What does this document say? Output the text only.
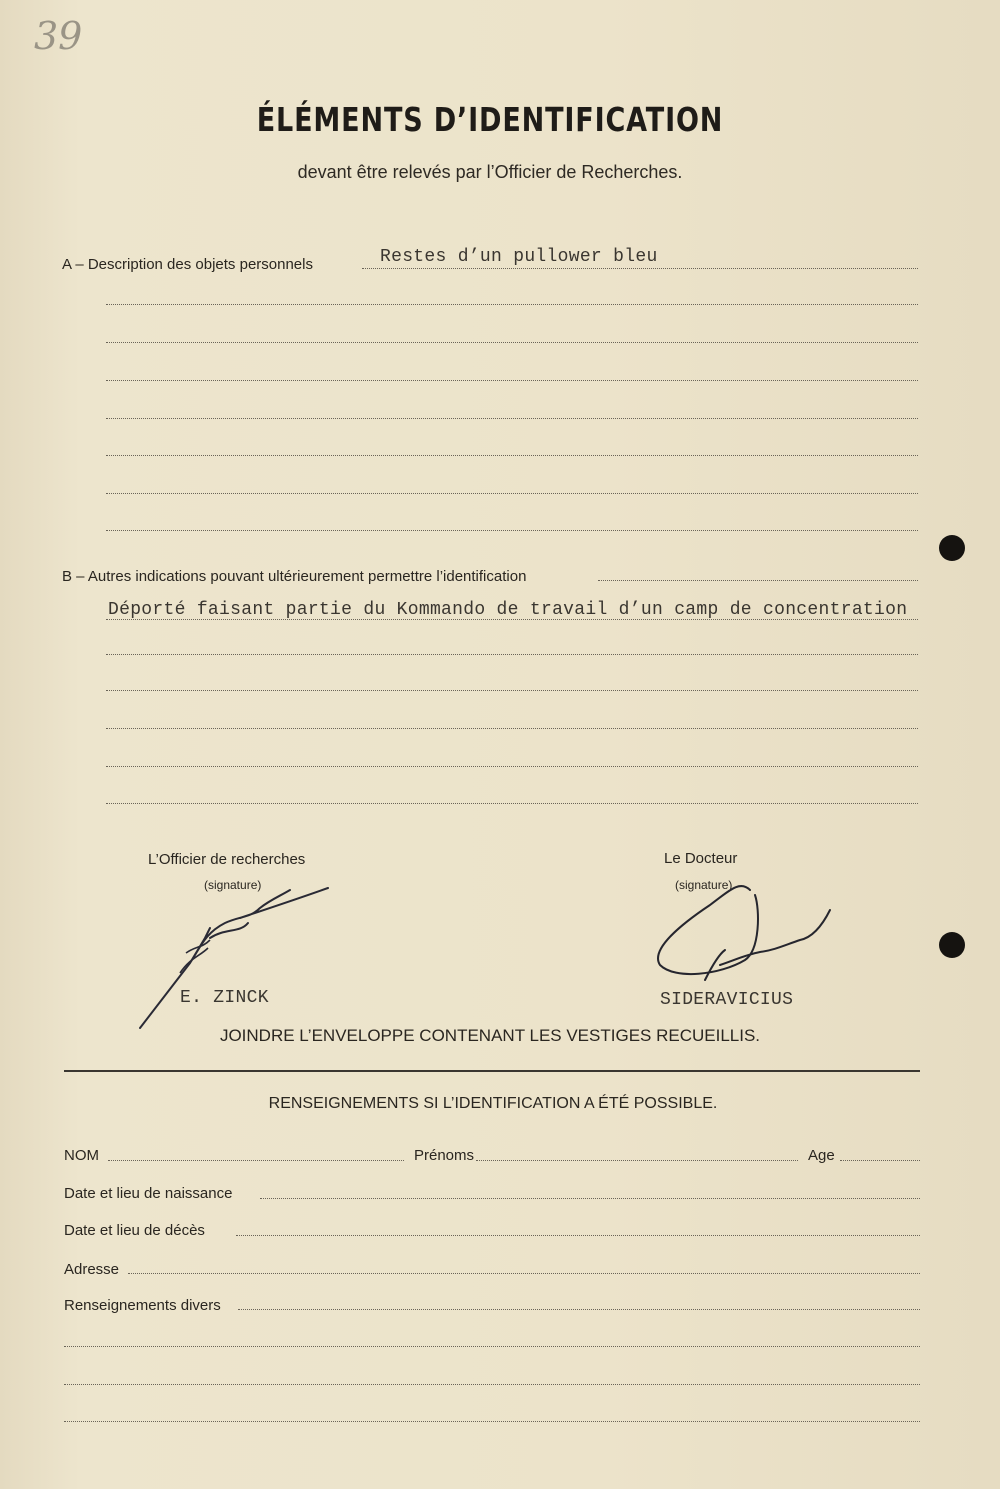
39
ÉLÉMENTS D’IDENTIFICATION
devant être relevés par l’Officier de Recherches.
A – Description des objets personnels	Restes d’un pullower bleu
B – Autres indications pouvant ultérieurement permettre l’identification
Déporté faisant partie du Kommando de travail d’un camp de concentration
L’Officier de recherches
(signature)
E. ZINCK
Le Docteur
(signature)
SIDERAVICIUS
JOINDRE L’ENVELOPPE CONTENANT LES VESTIGES RECUEILLIS.
RENSEIGNEMENTS SI L’IDENTIFICATION A ÉTÉ POSSIBLE.
NOM	Prénoms	Age
Date et lieu de naissance
Date et lieu de décès
Adresse
Renseignements divers
